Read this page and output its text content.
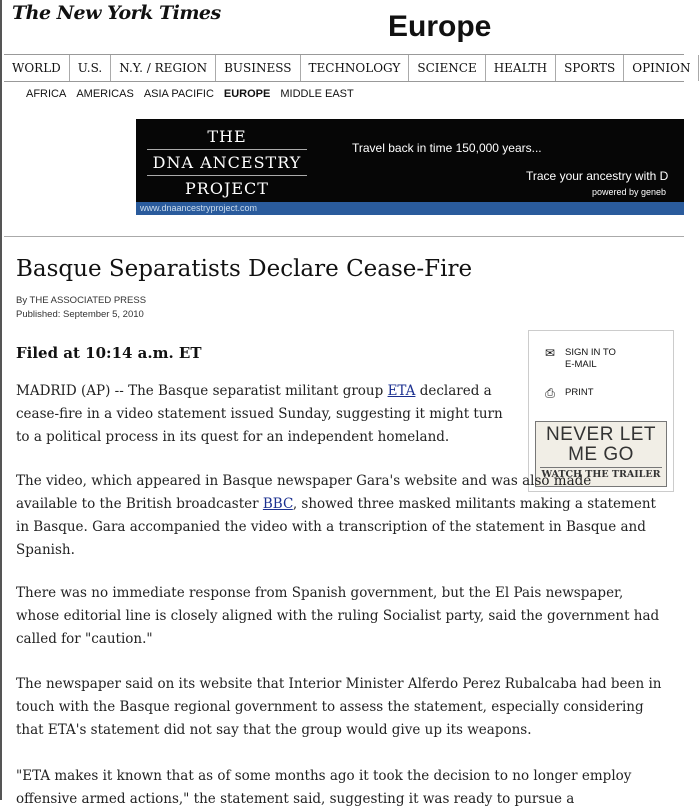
The New York Times	Europe
WORLD	U.S.	N.Y. / REGION	BUSINESS	TECHNOLOGY	SCIENCE	HEALTH	SPORTS	OPINION
AFRICA AMERICAS ASIA PACIFIC EUROPE MIDDLE EAST
THE
DNA ANCESTRY
PROJECT
Travel back in time 150,000 years...
Trace your ancestry with D
powered by geneb
www.dnaancestryproject.com
Basque Separatists Declare Cease-Fire
By THE ASSOCIATED PRESS
Published: September 5, 2010
Filed at 10:14 a.m. ET	✉ SIGN IN TO
E-MAIL
⎙ PRINT
NEVER LET
ME GO
WATCH THE TRAILER

MADRID (AP) -- The Basque separatist militant group ETA declared a cease-fire in a video statement issued Sunday, suggesting it might turn to a political process in its quest for an independent homeland.

The video, which appeared in Basque newspaper Gara's website and was also made available to the British broadcaster BBC, showed three masked militants making a statement in Basque. Gara accompanied the video with a transcription of the statement in Basque and Spanish.

There was no immediate response from Spanish government, but the El Pais newspaper, whose editorial line is closely aligned with the ruling Socialist party, said the government had called for "caution."

The newspaper said on its website that Interior Minister Alferdo Perez Rubalcaba had been in touch with the Basque regional government to assess the statement, especially considering that ETA's statement did not say that the group would give up its weapons.

"ETA makes it known that as of some months ago it took the decision to no longer employ offensive armed actions," the statement said, suggesting it was ready to pursue a
